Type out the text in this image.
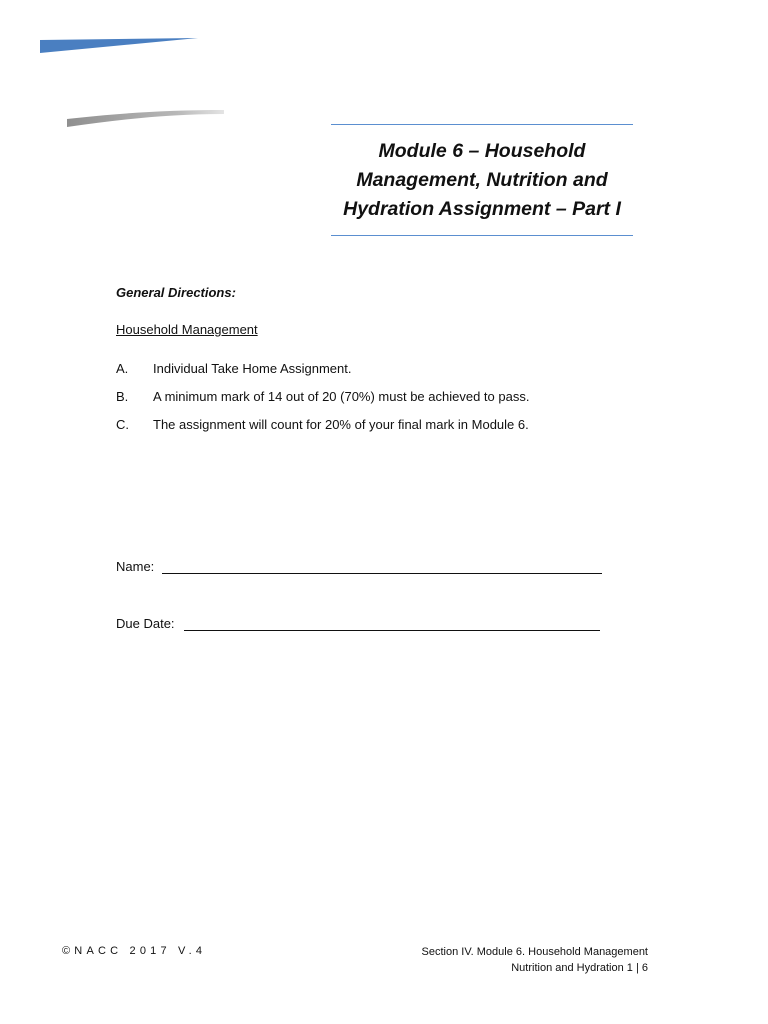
Module 6 – Household Management, Nutrition and Hydration Assignment – Part I

General Directions:

Household Management

A. Individual Take Home Assignment.
B. A minimum mark of 14 out of 20 (70%) must be achieved to pass.
C. The assignment will count for 20% of your final mark in Module 6.
Name:
Due Date:
©NACC 2017 V.4	Section IV. Module 6. Household Management
Nutrition and Hydration 1 | 6
